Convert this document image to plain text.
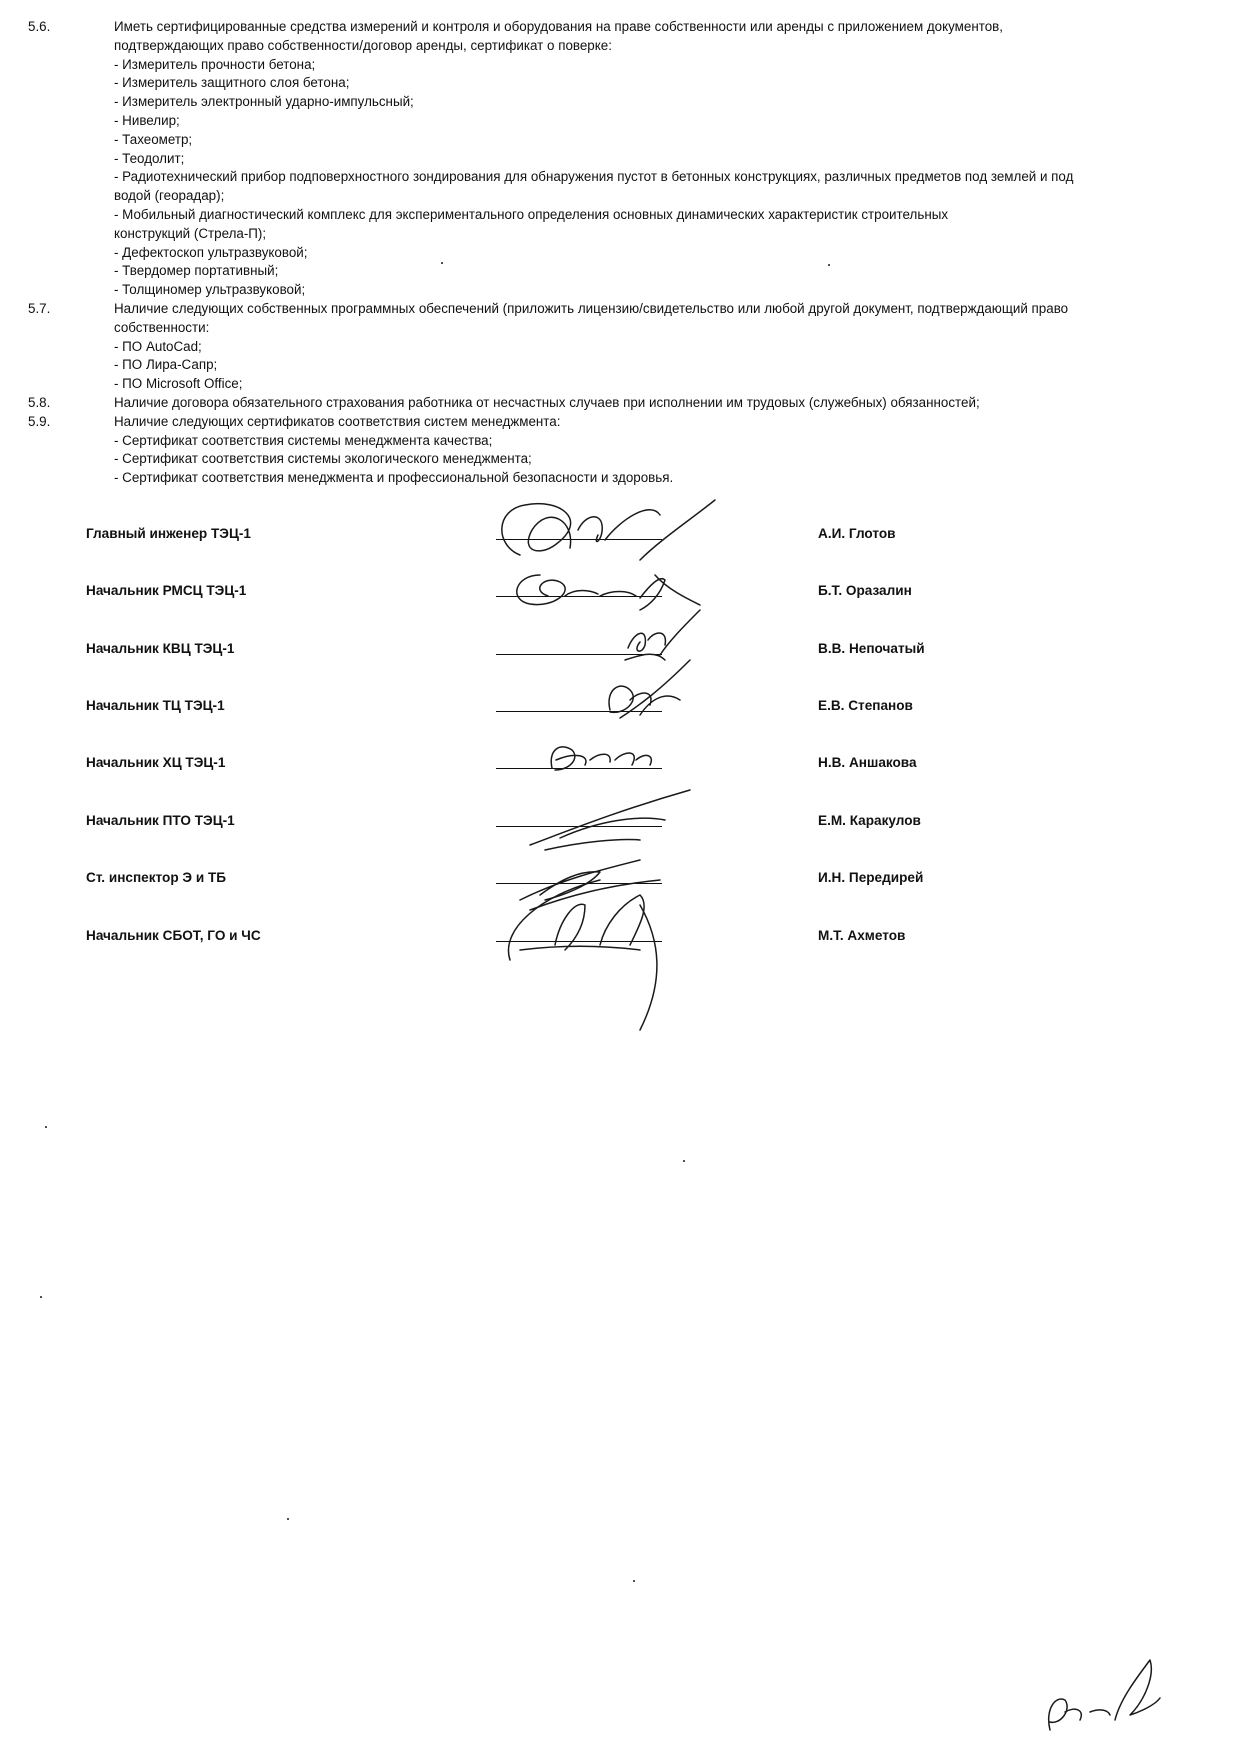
5.6.	Иметь сертифицированные средства измерений и контроля и оборудования на праве собственности или аренды с приложением документов,
подтверждающих право собственности/договор аренды, сертификат о поверке:
- Измеритель прочности бетона;
- Измеритель защитного слоя бетона;
- Измеритель электронный ударно-импульсный;
- Нивелир;
- Тахеометр;
- Теодолит;
- Радиотехнический прибор подповерхностного зондирования для обнаружения пустот в бетонных конструкциях, различных предметов под землей и под
водой (георадар);
- Мобильный диагностический комплекс для экспериментального определения основных динамических характеристик строительных
конструкций (Стрела-П);
- Дефектоскоп ультразвуковой;
- Твердомер портативный;
- Толщиномер ультразвуковой;
5.7.	Наличие следующих собственных программных обеспечений (приложить лицензию/свидетельство или любой другой документ, подтверждающий право
собственности:
- ПО AutoCad;
- ПО Лира-Сапр;
- ПО Microsoft Office;
5.8.	Наличие договора обязательного страхования работника от несчастных случаев при исполнении им трудовых (служебных) обязанностей;
5.9.	Наличие следующих сертификатов соответствия систем менеджмента:
- Сертификат соответствия системы менеджмента качества;
- Сертификат соответствия системы экологического менеджмента;
- Сертификат соответствия менеджмента и профессиональной безопасности и здоровья.
Главный инженер ТЭЦ-1	А.И. Глотов
Начальник РМСЦ ТЭЦ-1	Б.Т. Оразалин
Начальник КВЦ ТЭЦ-1	В.В. Непочатый
Начальник ТЦ ТЭЦ-1	Е.В. Степанов
Начальник ХЦ ТЭЦ-1	Н.В. Аншакова
Начальник ПТО ТЭЦ-1	Е.М. Каракулов
Ст. инспектор Э и ТБ	И.Н. Передирей
Начальник СБОТ, ГО и ЧС	М.Т. Ахметов
